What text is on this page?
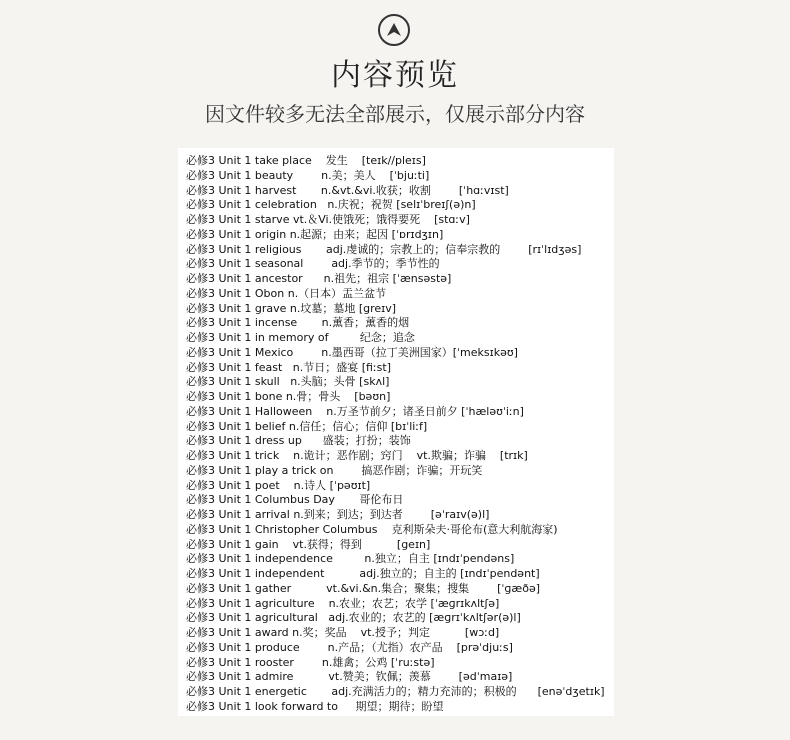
内容预览
因文件较多无法全部展示，仅展示部分内容
必修3 Unit 1 take place    发生    [teɪk//pleɪs]
必修3 Unit 1 beauty        n.美；美人    [ˈbjuːti]
必修3 Unit 1 harvest       n.&vt.&vi.收获；收割        [ˈhɑːvɪst]
必修3 Unit 1 celebration   n.庆祝；祝贺 [selɪˈbreɪʃ(ə)n]
必修3 Unit 1 starve vt.＆Vi.使饿死；饿得要死    [stɑːv]
必修3 Unit 1 origin n.起源；由来；起因 [ˈɒrɪdʒɪn]
必修3 Unit 1 religious       adj.虔诚的；宗教上的；信奉宗教的        [rɪˈlɪdʒəs]
必修3 Unit 1 seasonal        adj.季节的；季节性的
必修3 Unit 1 ancestor      n.祖先；祖宗 [ˈænsəstə]
必修3 Unit 1 Obon n.（日本）盂兰盆节
必修3 Unit 1 grave n.坟墓；墓地 [greɪv]
必修3 Unit 1 incense       n.薰香；薰香的烟
必修3 Unit 1 in memory of         纪念；追念
必修3 Unit 1 Mexico        n.墨西哥（拉丁美洲国家）[ˈmeksɪkəʊ]
必修3 Unit 1 feast   n.节日；盛宴 [fiːst]
必修3 Unit 1 skull   n.头脑；头骨 [skʌl]
必修3 Unit 1 bone n.骨；骨头    [bəʊn]
必修3 Unit 1 Halloween    n.万圣节前夕；诸圣日前夕 [ˈhæləʊˈiːn]
必修3 Unit 1 belief n.信任；信心；信仰 [bɪˈliːf]
必修3 Unit 1 dress up      盛装；打扮；装饰
必修3 Unit 1 trick    n.诡计；恶作剧；窍门    vt.欺骗；诈骗    [trɪk]
必修3 Unit 1 play a trick on        搞恶作剧；诈骗；开玩笑
必修3 Unit 1 poet    n.诗人 [ˈpəʊɪt]
必修3 Unit 1 Columbus Day       哥伦布日
必修3 Unit 1 arrival n.到来；到达；到达者        [əˈraɪv(ə)l]
必修3 Unit 1 Christopher Columbus    克利斯朵夫·哥伦布(意大利航海家)
必修3 Unit 1 gain    vt.获得；得到          [geɪn]
必修3 Unit 1 independence         n.独立；自主 [ɪndɪˈpendəns]
必修3 Unit 1 independent          adj.独立的；自主的 [ɪndɪˈpendənt]
必修3 Unit 1 gather          vt.&vi.&n.集合；聚集；搜集        [ˈɡæðə]
必修3 Unit 1 agriculture    n.农业；农艺；农学 [ˈæɡrɪkʌltʃə]
必修3 Unit 1 agricultural   adj.农业的；农艺的 [æɡrɪˈkʌltʃər(ə)l]
必修3 Unit 1 award n.奖；奖品    vt.授予；判定          [wɔːd]
必修3 Unit 1 produce        n.产品；（尤指）农产品    [prəˈdjuːs]
必修3 Unit 1 rooster        n.雄禽；公鸡 [ˈruːstə]
必修3 Unit 1 admire          vt.赞美；钦佩；羡慕        [ədˈmaɪə]
必修3 Unit 1 energetic       adj.充满活力的；精力充沛的；积极的      [enəˈdʒetɪk]
必修3 Unit 1 look forward to     期望；期待；盼望
